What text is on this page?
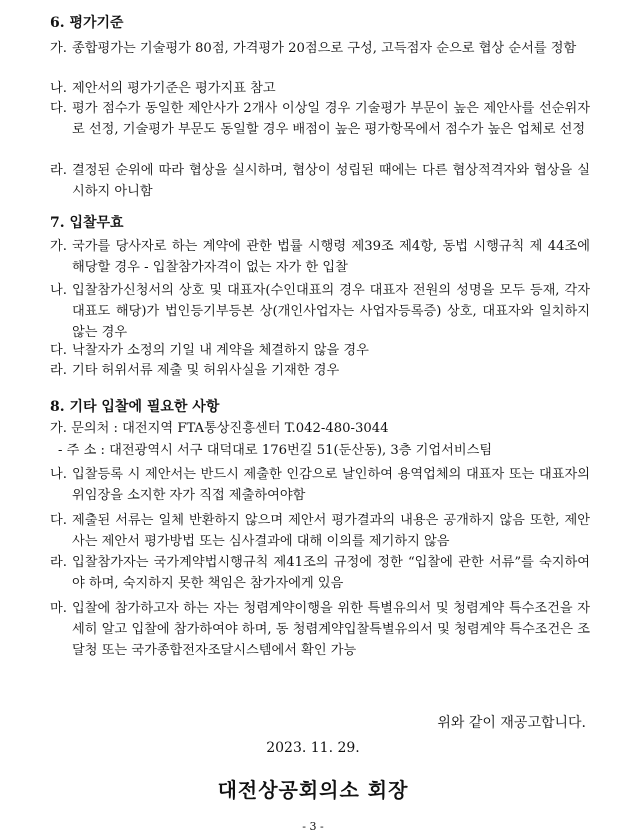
6. 평가기준
가. 종합평가는 기술평가 80점, 가격평가 20점으로 구성, 고득점자 순으로 협상 순서를 정함
나. 제안서의 평가기준은 평가지표 참고
다. 평가 점수가 동일한 제안사가 2개사 이상일 경우 기술평가 부문이 높은 제안사를 선순위자로 선정, 기술평가 부문도 동일할 경우 배점이 높은 평가항목에서 점수가 높은 업체로 선정
라. 결정된 순위에 따라 협상을 실시하며, 협상이 성립된 때에는 다른 협상적격자와 협상을 실시하지 아니함
7. 입찰무효
가. 국가를 당사자로 하는 계약에 관한 법률 시행령 제39조 제4항, 동법 시행규칙 제 44조에 해당할 경우 - 입찰참가자격이 없는 자가 한 입찰
나. 입찰참가신청서의 상호 및 대표자(수인대표의 경우 대표자 전원의 성명을 모두 등재, 각자대표도 해당)가 법인등기부등본 상(개인사업자는 사업자등록증) 상호, 대표자와 일치하지 않는 경우
다. 낙찰자가 소정의 기일 내 계약을 체결하지 않을 경우
라. 기타 허위서류 제출 및 허위사실을 기재한 경우
8. 기타 입찰에 필요한 사항
가. 문의처 : 대전지역 FTA통상진흥센터 T.042-480-3044
- 주 소 : 대전광역시 서구 대덕대로 176번길 51(둔산동), 3층 기업서비스팀
나. 입찰등록 시 제안서는 반드시 제출한 인감으로 날인하여 용역업체의 대표자 또는 대표자의 위임장을 소지한 자가 직접 제출하여야함
다. 제출된 서류는 일체 반환하지 않으며 제안서 평가결과의 내용은 공개하지 않음 또한, 제안사는 제안서 평가방법 또는 심사결과에 대해 이의를 제기하지 않음
라. 입찰참가자는 국가계약법시행규칙 제41조의 규정에 정한 “입찰에 관한 서류”를 숙지하여야 하며, 숙지하지 못한 책임은 참가자에게 있음
마. 입찰에 참가하고자 하는 자는 청렴계약이행을 위한 특별유의서 및 청렴계약 특수조건을 자세히 알고 입찰에 참가하여야 하며, 동 청렴계약입찰특별유의서 및 청렴계약 특수조건은 조달청 또는 국가종합전자조달시스템에서 확인 가능
위와 같이 재공고합니다.
2023. 11. 29.
대전상공회의소 회장
- 3 -
